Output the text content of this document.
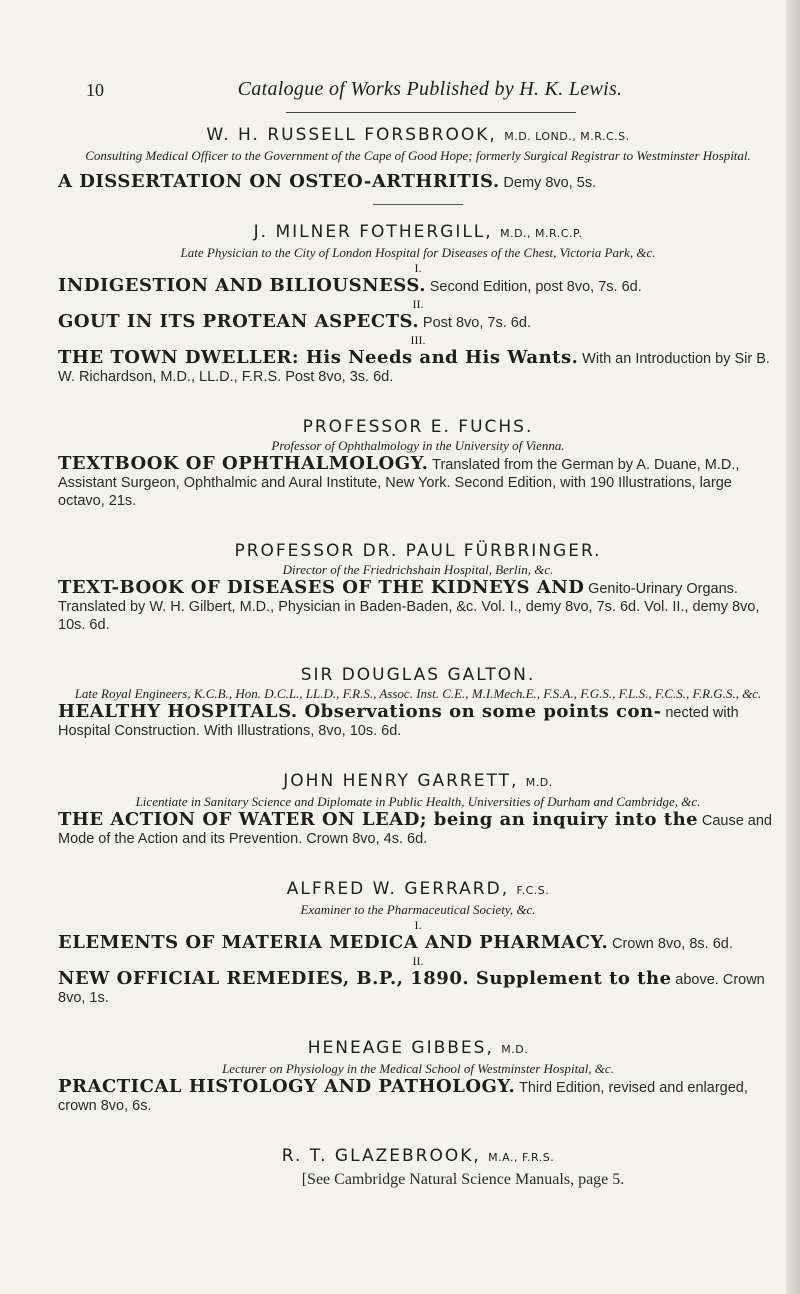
10	Catalogue of Works Published by H. K. Lewis.
W. H. RUSSELL FORSBROOK, M.D. LOND., M.R.C.S.
Consulting Medical Officer to the Government of the Cape of Good Hope; formerly Surgical Registrar to Westminster Hospital.
A DISSERTATION ON OSTEO-ARTHRITIS. Demy 8vo, 5s.
J. MILNER FOTHERGILL, M.D., M.R.C.P.
Late Physician to the City of London Hospital for Diseases of the Chest, Victoria Park, &c.
I.
INDIGESTION AND BILIOUSNESS. Second Edition, post 8vo, 7s. 6d.
II.
GOUT IN ITS PROTEAN ASPECTS. Post 8vo, 7s. 6d.
III.
THE TOWN DWELLER: His Needs and His Wants. With an Introduction by Sir B. W. Richardson, M.D., LL.D., F.R.S. Post 8vo, 3s. 6d.
PROFESSOR E. FUCHS.
Professor of Ophthalmology in the University of Vienna.
TEXTBOOK OF OPHTHALMOLOGY. Translated from the German by A. Duane, M.D., Assistant Surgeon, Ophthalmic and Aural Institute, New York. Second Edition, with 190 Illustrations, large octavo, 21s.
PROFESSOR DR. PAUL FÜRBRINGER.
Director of the Friedrichshain Hospital, Berlin, &c.
TEXT-BOOK OF DISEASES OF THE KIDNEYS AND Genito-Urinary Organs. Translated by W. H. Gilbert, M.D., Physician in Baden-Baden, &c. Vol. I., demy 8vo, 7s. 6d. Vol. II., demy 8vo, 10s. 6d.
SIR DOUGLAS GALTON.
Late Royal Engineers, K.C.B., Hon. D.C.L., LL.D., F.R.S., Assoc. Inst. C.E., M.I.Mech.E., F.S.A., F.G.S., F.L.S., F.C.S., F.R.G.S., &c.
HEALTHY HOSPITALS. Observations on some points con- nected with Hospital Construction. With Illustrations, 8vo, 10s. 6d.
JOHN HENRY GARRETT, M.D.
Licentiate in Sanitary Science and Diplomate in Public Health, Universities of Durham and Cambridge, &c.
THE ACTION OF WATER ON LEAD; being an inquiry into the Cause and Mode of the Action and its Prevention. Crown 8vo, 4s. 6d.
ALFRED W. GERRARD, F.C.S.
Examiner to the Pharmaceutical Society, &c.
I.
ELEMENTS OF MATERIA MEDICA AND PHARMACY. Crown 8vo, 8s. 6d.
II.
NEW OFFICIAL REMEDIES, B.P., 1890. Supplement to the above. Crown 8vo, 1s.
HENEAGE GIBBES, M.D.
Lecturer on Physiology in the Medical School of Westminster Hospital, &c.
PRACTICAL HISTOLOGY AND PATHOLOGY. Third Edition, revised and enlarged, crown 8vo, 6s.
R. T. GLAZEBROOK, M.A., F.R.S.
[See Cambridge Natural Science Manuals, page 5.
